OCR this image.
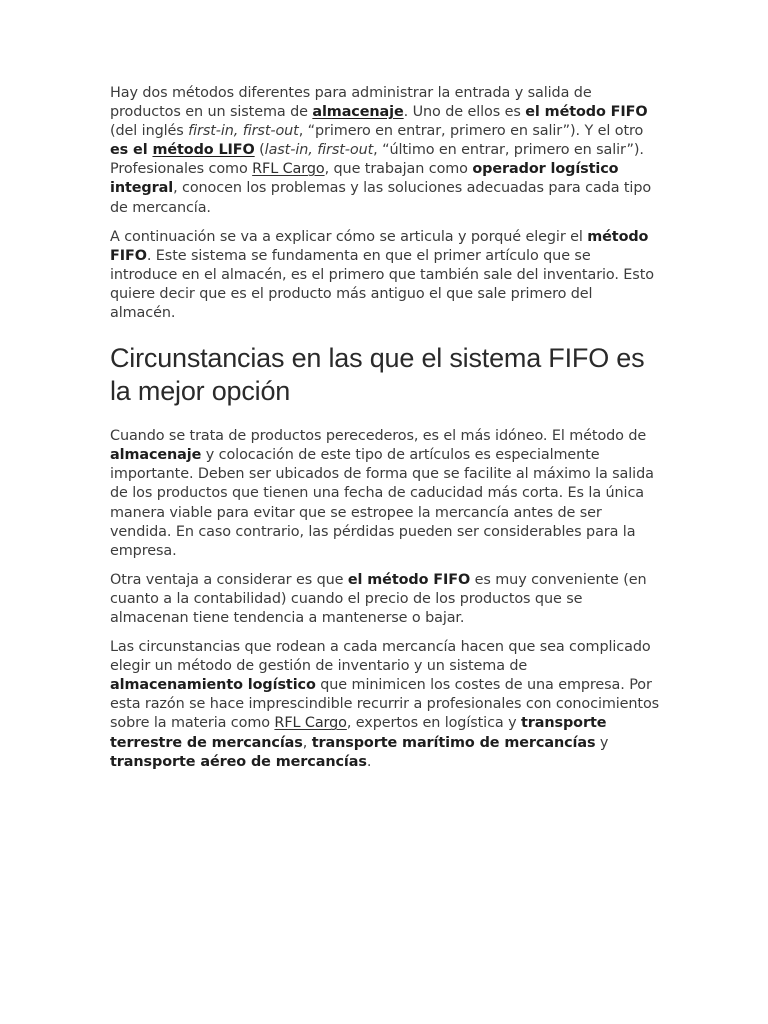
Hay dos métodos diferentes para administrar la entrada y salida de productos en un sistema de almacenaje. Uno de ellos es el método FIFO (del inglés first-in, first-out, “primero en entrar, primero en salir”). Y el otro es el método LIFO (last-in, first-out, “último en entrar, primero en salir”). Profesionales como RFL Cargo, que trabajan como operador logístico integral, conocen los problemas y las soluciones adecuadas para cada tipo de mercancía.

A continuación se va a explicar cómo se articula y porqué elegir el método FIFO. Este sistema se fundamenta en que el primer artículo que se introduce en el almacén, es el primero que también sale del inventario. Esto quiere decir que es el producto más antiguo el que sale primero del almacén.

Circunstancias en las que el sistema FIFO es la mejor opción

Cuando se trata de productos perecederos, es el más idóneo. El método de almacenaje y colocación de este tipo de artículos es especialmente importante. Deben ser ubicados de forma que se facilite al máximo la salida de los productos que tienen una fecha de caducidad más corta. Es la única manera viable para evitar que se estropee la mercancía antes de ser vendida. En caso contrario, las pérdidas pueden ser considerables para la empresa.

Otra ventaja a considerar es que el método FIFO es muy conveniente (en cuanto a la contabilidad) cuando el precio de los productos que se almacenan tiene tendencia a mantenerse o bajar.

Las circunstancias que rodean a cada mercancía hacen que sea complicado elegir un método de gestión de inventario y un sistema de almacenamiento logístico que minimicen los costes de una empresa. Por esta razón se hace imprescindible recurrir a profesionales con conocimientos sobre la materia como RFL Cargo, expertos en logística y transporte terrestre de mercancías, transporte marítimo de mercancías y transporte aéreo de mercancías.
